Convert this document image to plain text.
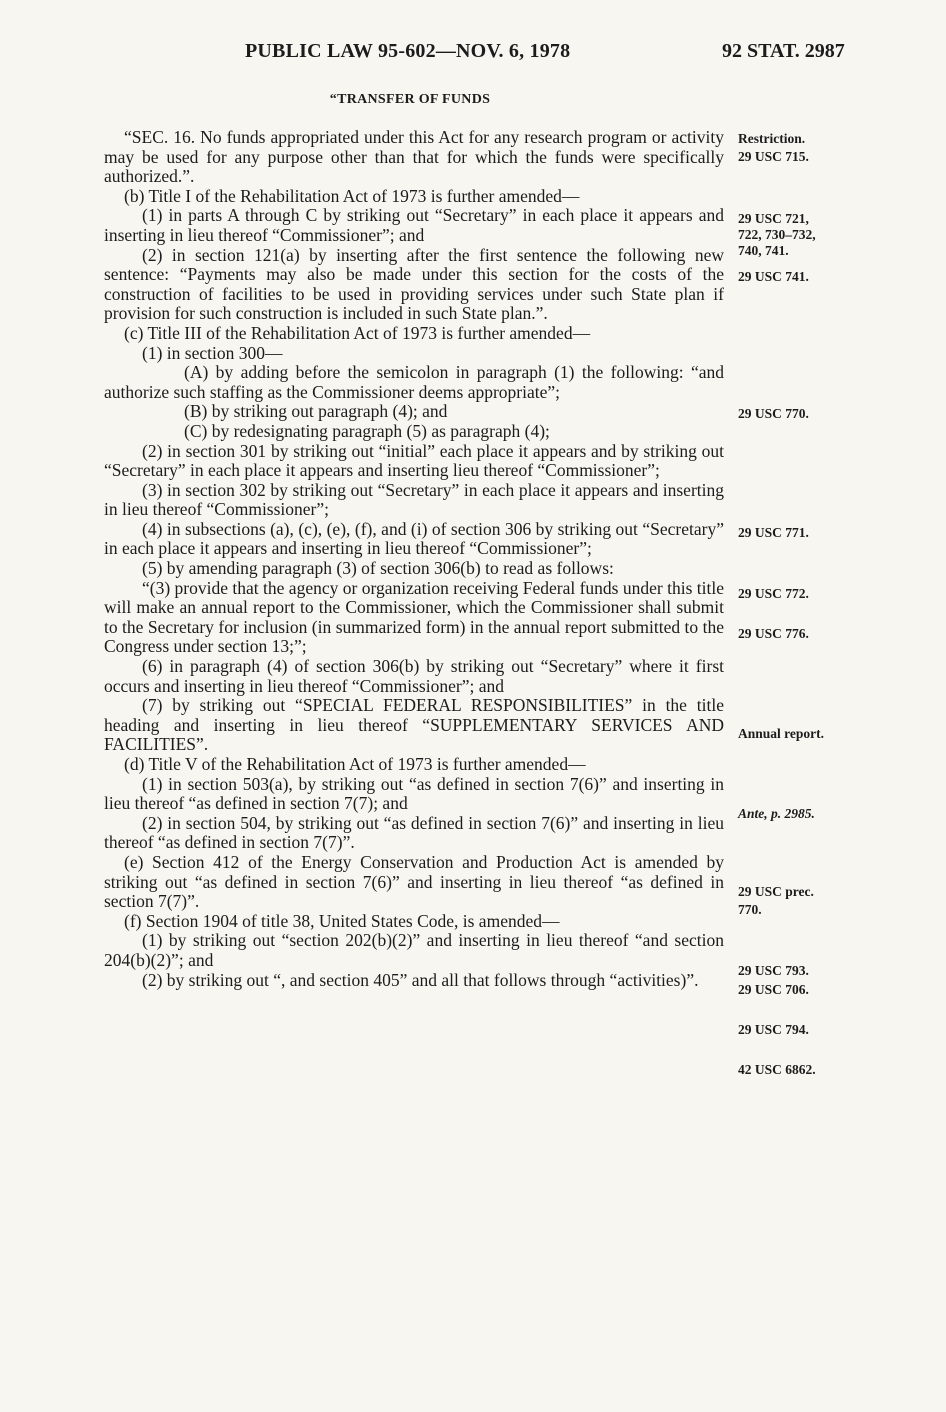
PUBLIC LAW 95-602—NOV. 6, 1978	92 STAT. 2987
“TRANSFER OF FUNDS

“SEC. 16. No funds appropriated under this Act for any research program or activity may be used for any purpose other than that for which the funds were specifically authorized.”.

(b) Title I of the Rehabilitation Act of 1973 is further amended—

(1) in parts A through C by striking out “Secretary” in each place it appears and inserting in lieu thereof “Commissioner”; and

(2) in section 121(a) by inserting after the first sentence the following new sentence: “Payments may also be made under this section for the costs of the construction of facilities to be used in providing services under such State plan if provision for such construction is included in such State plan.”.

(c) Title III of the Rehabilitation Act of 1973 is further amended—

(1) in section 300—

(A) by adding before the semicolon in paragraph (1) the following: “and authorize such staffing as the Commissioner deems appropriate”;

(B) by striking out paragraph (4); and

(C) by redesignating paragraph (5) as paragraph (4);

(2) in section 301 by striking out “initial” each place it appears and by striking out “Secretary” in each place it appears and inserting lieu thereof “Commissioner”;

(3) in section 302 by striking out “Secretary” in each place it appears and inserting in lieu thereof “Commissioner”;

(4) in subsections (a), (c), (e), (f), and (i) of section 306 by striking out “Secretary” in each place it appears and inserting in lieu thereof “Commissioner”;

(5) by amending paragraph (3) of section 306(b) to read as follows:

“(3) provide that the agency or organization receiving Federal funds under this title will make an annual report to the Commissioner, which the Commissioner shall submit to the Secretary for inclusion (in summarized form) in the annual report submitted to the Congress under section 13;”;

(6) in paragraph (4) of section 306(b) by striking out “Secretary” where it first occurs and inserting in lieu thereof “Commissioner”; and

(7) by striking out “SPECIAL FEDERAL RESPONSIBILITIES” in the title heading and inserting in lieu thereof “SUPPLEMENTARY SERVICES AND FACILITIES”.

(d) Title V of the Rehabilitation Act of 1973 is further amended—

(1) in section 503(a), by striking out “as defined in section 7(6)” and inserting in lieu thereof “as defined in section 7(7); and

(2) in section 504, by striking out “as defined in section 7(6)” and inserting in lieu thereof “as defined in section 7(7)”.

(e) Section 412 of the Energy Conservation and Production Act is amended by striking out “as defined in section 7(6)” and inserting in lieu thereof “as defined in section 7(7)”.

(f) Section 1904 of title 38, United States Code, is amended—

(1) by striking out “section 202(b)(2)” and inserting in lieu thereof “and section 204(b)(2)”; and

(2) by striking out “, and section 405” and all that follows through “activities)”.

Restriction.
29 USC 715.
29 USC 721,
722, 730–732,
740, 741.
29 USC 741.
29 USC 770.
29 USC 771.
29 USC 772.
29 USC 776.
Annual report.
Ante, p. 2985.
29 USC prec.
770.
29 USC 793.
29 USC 706.
29 USC 794.
42 USC 6862.
